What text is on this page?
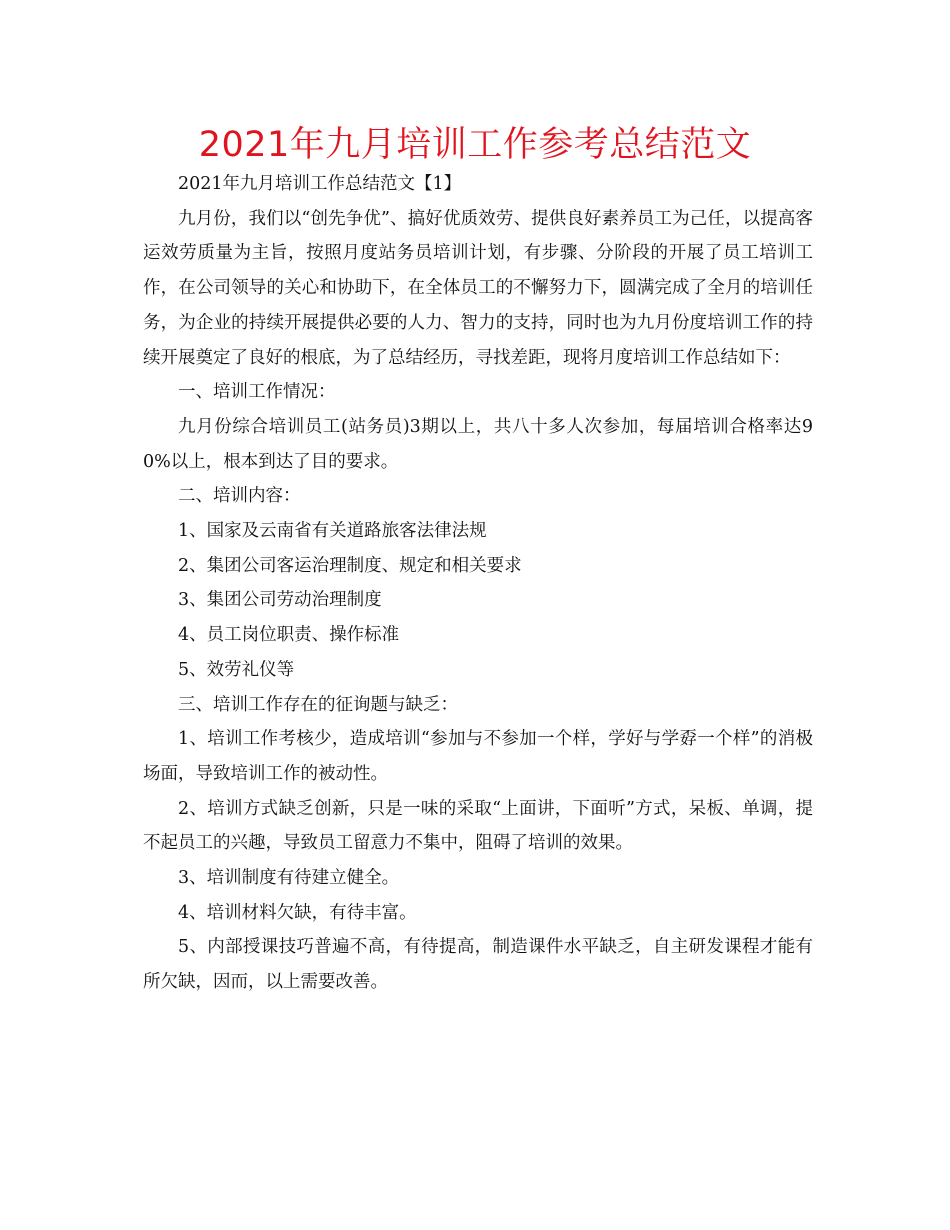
2021年九月培训工作参考总结范文

2021年九月培训工作总结范文【1】

九月份，我们以“创先争优”、搞好优质效劳、提供良好素养员工为己任，以提高客运效劳质量为主旨，按照月度站务员培训计划，有步骤、分阶段的开展了员工培训工作，在公司领导的关心和协助下，在全体员工的不懈努力下，圆满完成了全月的培训任务，为企业的持续开展提供必要的人力、智力的支持，同时也为九月份度培训工作的持续开展奠定了良好的根底，为了总结经历，寻找差距，现将月度培训工作总结如下：

一、培训工作情况：

九月份综合培训员工(站务员)3期以上，共八十多人次参加，每届培训合格率达90%以上，根本到达了目的要求。

二、培训内容：

1、国家及云南省有关道路旅客法律法规

2、集团公司客运治理制度、规定和相关要求

3、集团公司劳动治理制度

4、员工岗位职责、操作标准

5、效劳礼仪等

三、培训工作存在的征询题与缺乏：

1、培训工作考核少，造成培训“参加与不参加一个样，学好与学孬一个样”的消极场面，导致培训工作的被动性。

2、培训方式缺乏创新，只是一味的采取“上面讲，下面听”方式，呆板、单调，提不起员工的兴趣，导致员工留意力不集中，阻碍了培训的效果。

3、培训制度有待建立健全。

4、培训材料欠缺，有待丰富。

5、内部授课技巧普遍不高，有待提高，制造课件水平缺乏，自主研发课程才能有所欠缺，因而，以上需要改善。
